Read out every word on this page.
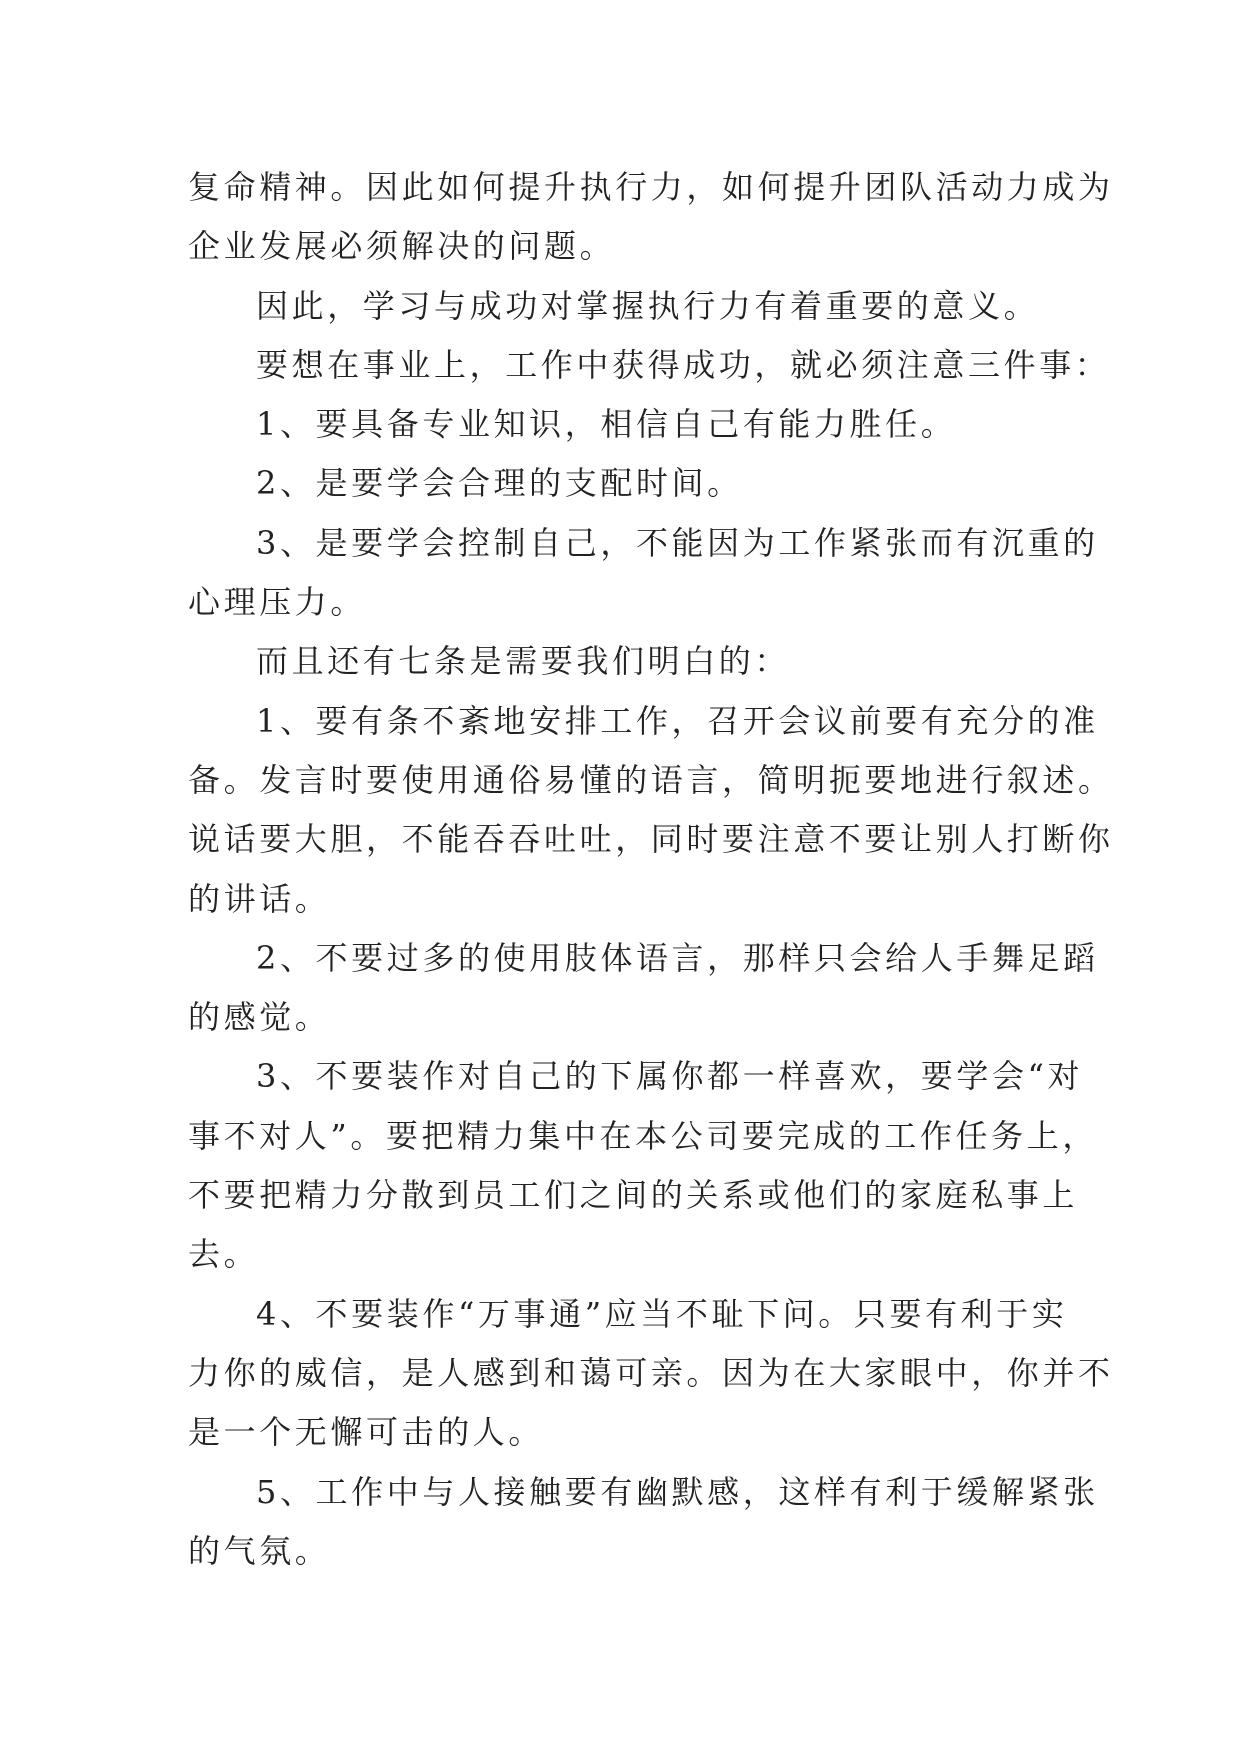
复命精神。因此如何提升执行力，如何提升团队活动力成为
企业发展必须解决的问题。
因此，学习与成功对掌握执行力有着重要的意义。
要想在事业上，工作中获得成功，就必须注意三件事：
1、要具备专业知识，相信自己有能力胜任。
2、是要学会合理的支配时间。
3、是要学会控制自己，不能因为工作紧张而有沉重的
心理压力。
而且还有七条是需要我们明白的：
1、要有条不紊地安排工作，召开会议前要有充分的准
备。发言时要使用通俗易懂的语言，简明扼要地进行叙述。
说话要大胆，不能吞吞吐吐，同时要注意不要让别人打断你
的讲话。
2、不要过多的使用肢体语言，那样只会给人手舞足蹈
的感觉。
3、不要装作对自己的下属你都一样喜欢，要学会“对
事不对人”。要把精力集中在本公司要完成的工作任务上，
不要把精力分散到员工们之间的关系或他们的家庭私事上
去。
4、不要装作“万事通”应当不耻下问。只要有利于实
力你的威信，是人感到和蔼可亲。因为在大家眼中，你并不
是一个无懈可击的人。
5、工作中与人接触要有幽默感，这样有利于缓解紧张
的气氛。
